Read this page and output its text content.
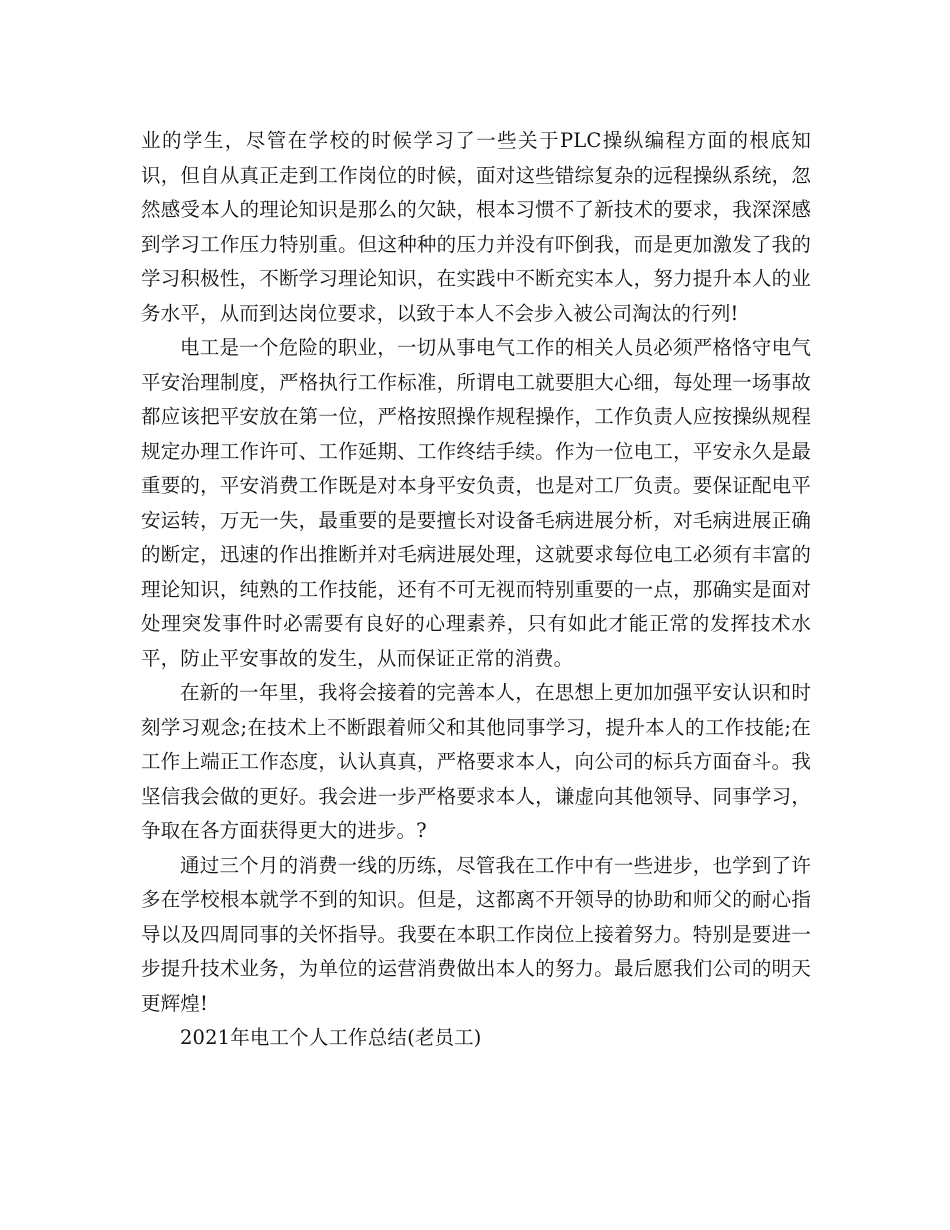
业的学生，尽管在学校的时候学习了一些关于PLC操纵编程方面的根底知识，但自从真正走到工作岗位的时候，面对这些错综复杂的远程操纵系统，忽然感受本人的理论知识是那么的欠缺，根本习惯不了新技术的要求，我深深感到学习工作压力特别重。但这种种的压力并没有吓倒我，而是更加激发了我的学习积极性，不断学习理论知识，在实践中不断充实本人，努力提升本人的业务水平，从而到达岗位要求，以致于本人不会步入被公司淘汰的行列!

电工是一个危险的职业，一切从事电气工作的相关人员必须严格恪守电气平安治理制度，严格执行工作标准，所谓电工就要胆大心细，每处理一场事故都应该把平安放在第一位，严格按照操作规程操作，工作负责人应按操纵规程规定办理工作许可、工作延期、工作终结手续。作为一位电工，平安永久是最重要的，平安消费工作既是对本身平安负责，也是对工厂负责。要保证配电平安运转，万无一失，最重要的是要擅长对设备毛病进展分析，对毛病进展正确的断定，迅速的作出推断并对毛病进展处理，这就要求每位电工必须有丰富的理论知识，纯熟的工作技能，还有不可无视而特别重要的一点，那确实是面对处理突发事件时必需要有良好的心理素养，只有如此才能正常的发挥技术水平，防止平安事故的发生，从而保证正常的消费。

在新的一年里，我将会接着的完善本人，在思想上更加加强平安认识和时刻学习观念;在技术上不断跟着师父和其他同事学习，提升本人的工作技能;在工作上端正工作态度，认认真真，严格要求本人，向公司的标兵方面奋斗。我坚信我会做的更好。我会进一步严格要求本人，谦虚向其他领导、同事学习，争取在各方面获得更大的进步。?

通过三个月的消费一线的历练，尽管我在工作中有一些进步，也学到了许多在学校根本就学不到的知识。但是，这都离不开领导的协助和师父的耐心指导以及四周同事的关怀指导。我要在本职工作岗位上接着努力。特别是要进一步提升技术业务，为单位的运营消费做出本人的努力。最后愿我们公司的明天更辉煌!

2021年电工个人工作总结(老员工)
